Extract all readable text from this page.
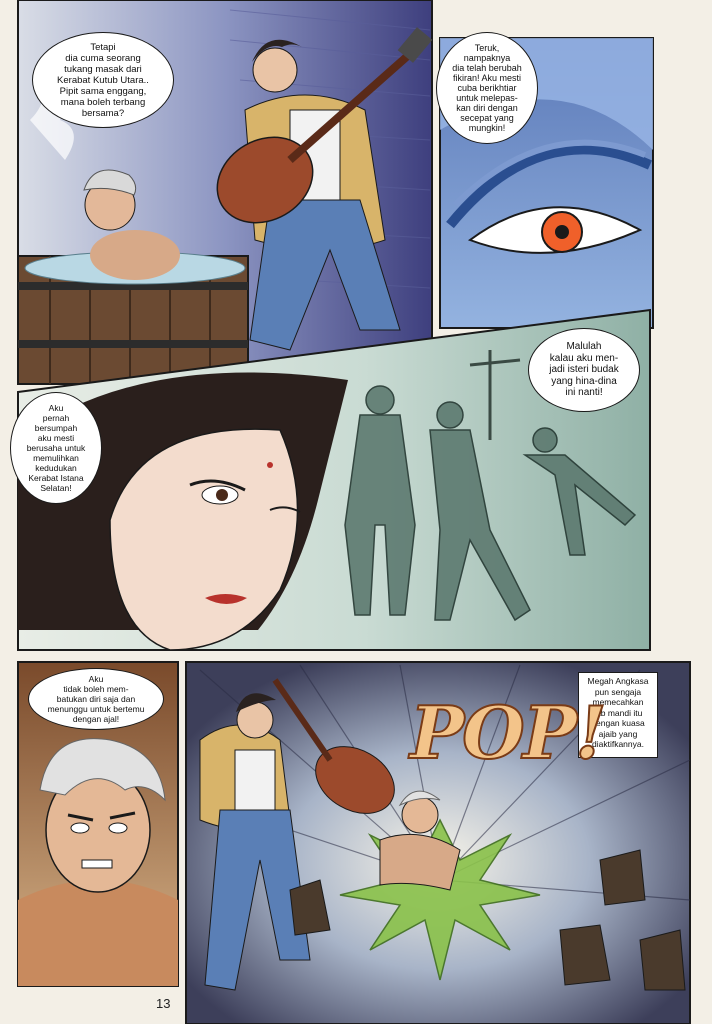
Tetapi
dia cuma seorang
tukang masak dari
Kerabat Kutub Utara..
Pipit sama enggang,
mana boleh terbang
bersama?
Teruk,
nampaknya
dia telah berubah
fikiran! Aku mesti
cuba berikhtiar
untuk melepas-
kan diri dengan
secepat yang
mungkin!
Aku
pernah
bersumpah
aku mesti
berusaha untuk
memulihkan
kedudukan
Kerabat Istana
Selatan!
Malulah
kalau aku men-
jadi isteri budak
yang hina-dina
ini nanti!
Aku
tidak boleh mem-
batukan diri saja dan
menunggu untuk bertemu
dengan ajal!
Megah Angkasa
pun sengaja
memecahkan
tab mandi itu
dengan kuasa
ajaib yang
diaktifkannya.
POP!
13
